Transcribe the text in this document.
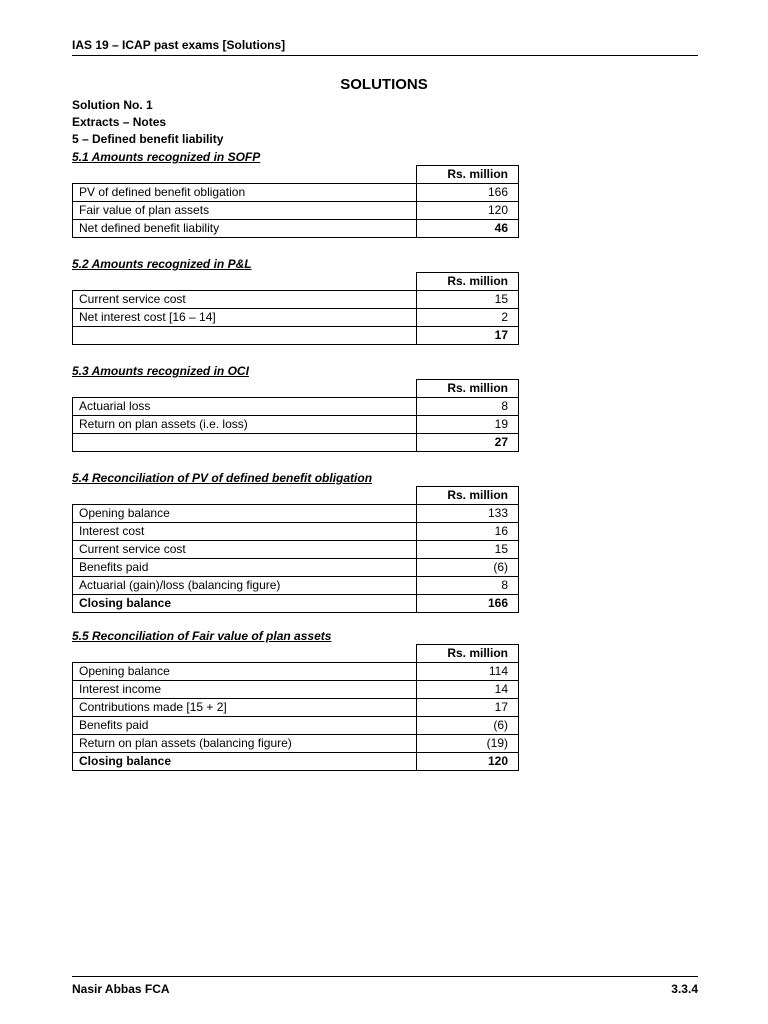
IAS 19 – ICAP past exams [Solutions]
SOLUTIONS
Solution No. 1
Extracts – Notes
5 – Defined benefit liability
5.1 Amounts recognized in SOFP
	Rs. million
PV of defined benefit obligation	166
Fair value of plan assets	120
Net defined benefit liability	46
5.2 Amounts recognized in P&L
	Rs. million
Current service cost	15
Net interest cost [16 – 14]	2
	17
5.3 Amounts recognized in OCI
	Rs. million
Actuarial loss	8
Return on plan assets (i.e. loss)	19
	27
5.4 Reconciliation of PV of defined benefit obligation
	Rs. million
Opening balance	133
Interest cost	16
Current service cost	15
Benefits paid	(6)
Actuarial (gain)/loss (balancing figure)	8
Closing balance	166
5.5 Reconciliation of Fair value of plan assets
	Rs. million
Opening balance	114
Interest income	14
Contributions made [15 + 2]	17
Benefits paid	(6)
Return on plan assets (balancing figure)	(19)
Closing balance	120
Nasir Abbas FCA	3.3.4
